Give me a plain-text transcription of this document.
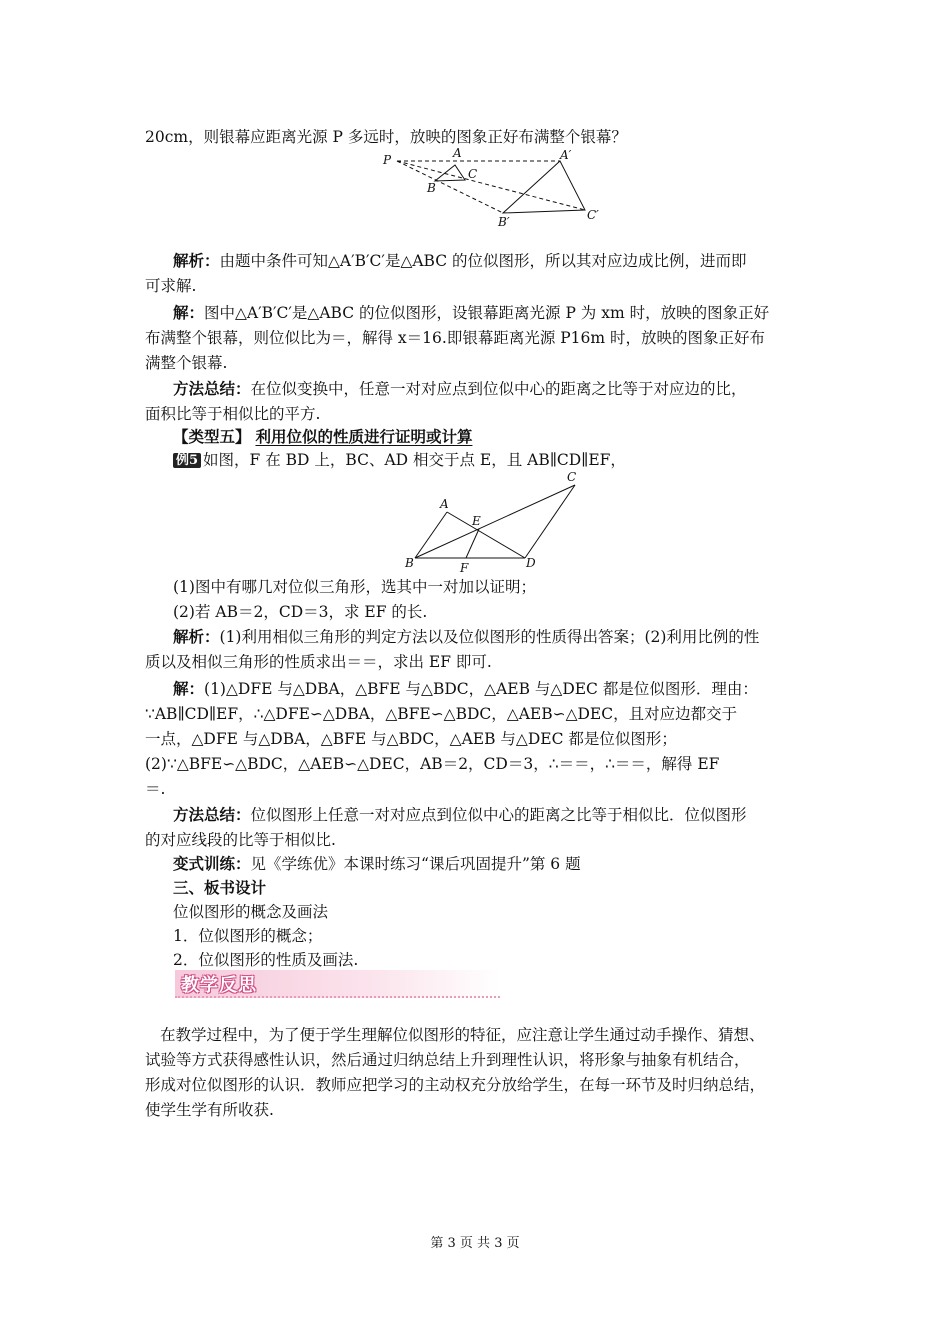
20cm，则银幕应距离光源 P 多远时，放映的图象正好布满整个银幕？
P	A
C
B
A′
B′	C′
解析：由题中条件可知△A′B′C′是△ABC 的位似图形，所以其对应边成比例，进而即
可求解.
解：图中△A′B′C′是△ABC 的位似图形，设银幕距离光源 P 为 xm 时，放映的图象正好
布满整个银幕，则位似比为＝，解得 x＝16.即银幕距离光源 P16m 时，放映的图象正好布
满整个银幕.
方法总结：在位似变换中，任意一对对应点到位似中心的距离之比等于对应边的比，
面积比等于相似比的平方.
【类型五】 利用位似的性质进行证明或计算
例5 如图，F 在 BD 上，BC、AD 相交于点 E，且 AB∥CD∥EF，
A
B
C
D
E
F
(1)图中有哪几对位似三角形，选其中一对加以证明；
(2)若 AB＝2，CD＝3，求 EF 的长.
解析：(1)利用相似三角形的判定方法以及位似图形的性质得出答案；(2)利用比例的性
质以及相似三角形的性质求出＝＝，求出 EF 即可.
解：(1)△DFE 与△DBA，△BFE 与△BDC，△AEB 与△DEC 都是位似图形．理由：
∵AB∥CD∥EF，∴△DFE∽△DBA，△BFE∽△BDC，△AEB∽△DEC，且对应边都交于
一点，△DFE 与△DBA，△BFE 与△BDC，△AEB 与△DEC 都是位似图形；
(2)∵△BFE∽△BDC，△AEB∽△DEC，AB＝2，CD＝3，∴＝＝，∴＝＝，解得 EF
＝.
方法总结：位似图形上任意一对对应点到位似中心的距离之比等于相似比．位似图形
的对应线段的比等于相似比.
变式训练：见《学练优》本课时练习“课后巩固提升”第 6 题
三、板书设计
位似图形的概念及画法
1．位似图形的概念；
2．位似图形的性质及画法.
教学反思
在教学过程中，为了便于学生理解位似图形的特征，应注意让学生通过动手操作、猜想、
试验等方式获得感性认识，然后通过归纳总结上升到理性认识，将形象与抽象有机结合，
形成对位似图形的认识．教师应把学习的主动权充分放给学生，在每一环节及时归纳总结，
使学生学有所收获.
第 3 页 共 3 页
